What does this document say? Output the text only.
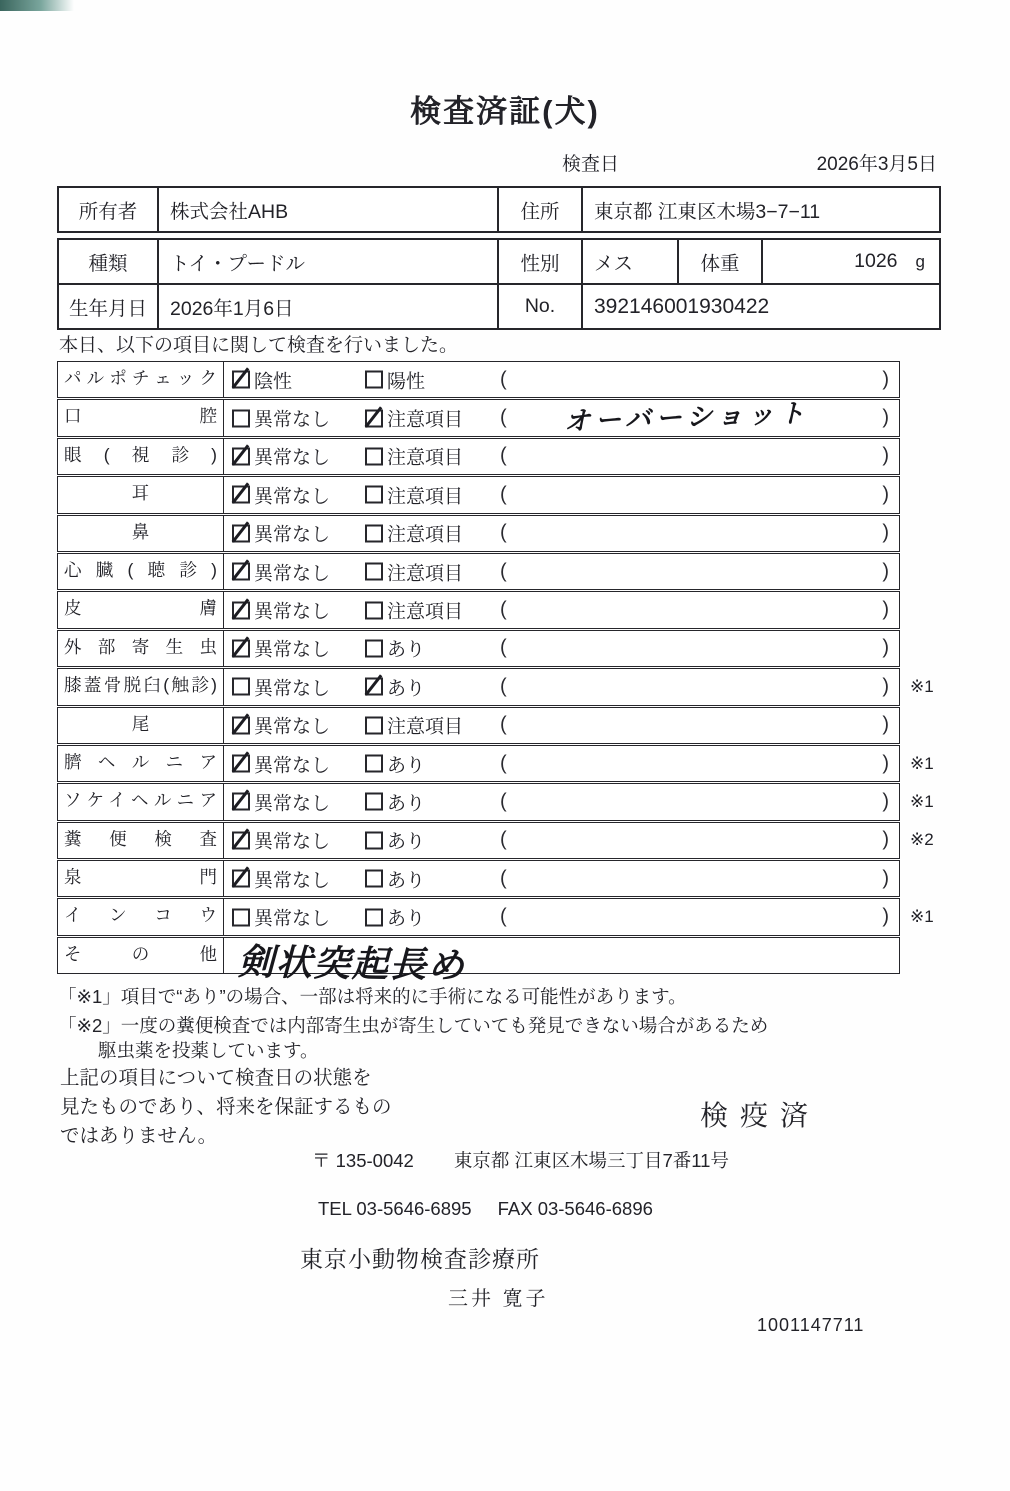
検査済証(犬)
検査日	2026年3月5日
所有者	株式会社AHB	住所	東京都 江東区木場3−7−11
種類	トイ・プードル	性別	メス	体重	1026 g
生年月日	2026年1月6日	No.	392146001930422
本日、以下の項目に関して検査を行いました。
パルポチェック	陰性	陽性	(	)
口腔	異常なし	注意項目 ( オーバーショット	)
眼(視診)	異常なし	注意項目 (	)
耳	異常なし	注意項目 (	)
鼻	異常なし	注意項目 (	)
心臓(聴診)	異常なし	注意項目 (	)
皮膚	異常なし	注意項目 (	)
外部寄生虫	異常なし	あり	(	)
膝蓋骨脱臼(触診)	異常なし	あり	(	) ※1
尾	異常なし	注意項目 (	)
臍ヘルニア	異常なし	あり	(	) ※1
ソケイヘルニア	異常なし	あり	(	) ※1
糞便検査	異常なし	あり	(	) ※2
泉門	異常なし	あり	(	)
インコウ	異常なし	あり	(	) ※1
その他 剣状突起長め
「※1」項目で“あり”の場合、一部は将来的に手術になる可能性があります。
「※2」一度の糞便検査では内部寄生虫が寄生していても発見できない場合があるため
駆虫薬を投薬しています。
上記の項目について検査日の状態を
見たものであり、将来を保証するもの
ではありません。
検疫済
〒 135-0042 東京都 江東区木場三丁目7番11号
TEL 03-5646-6895 FAX 03-5646-6896
東京小動物検査診療所
三井 寛子
1001147711
